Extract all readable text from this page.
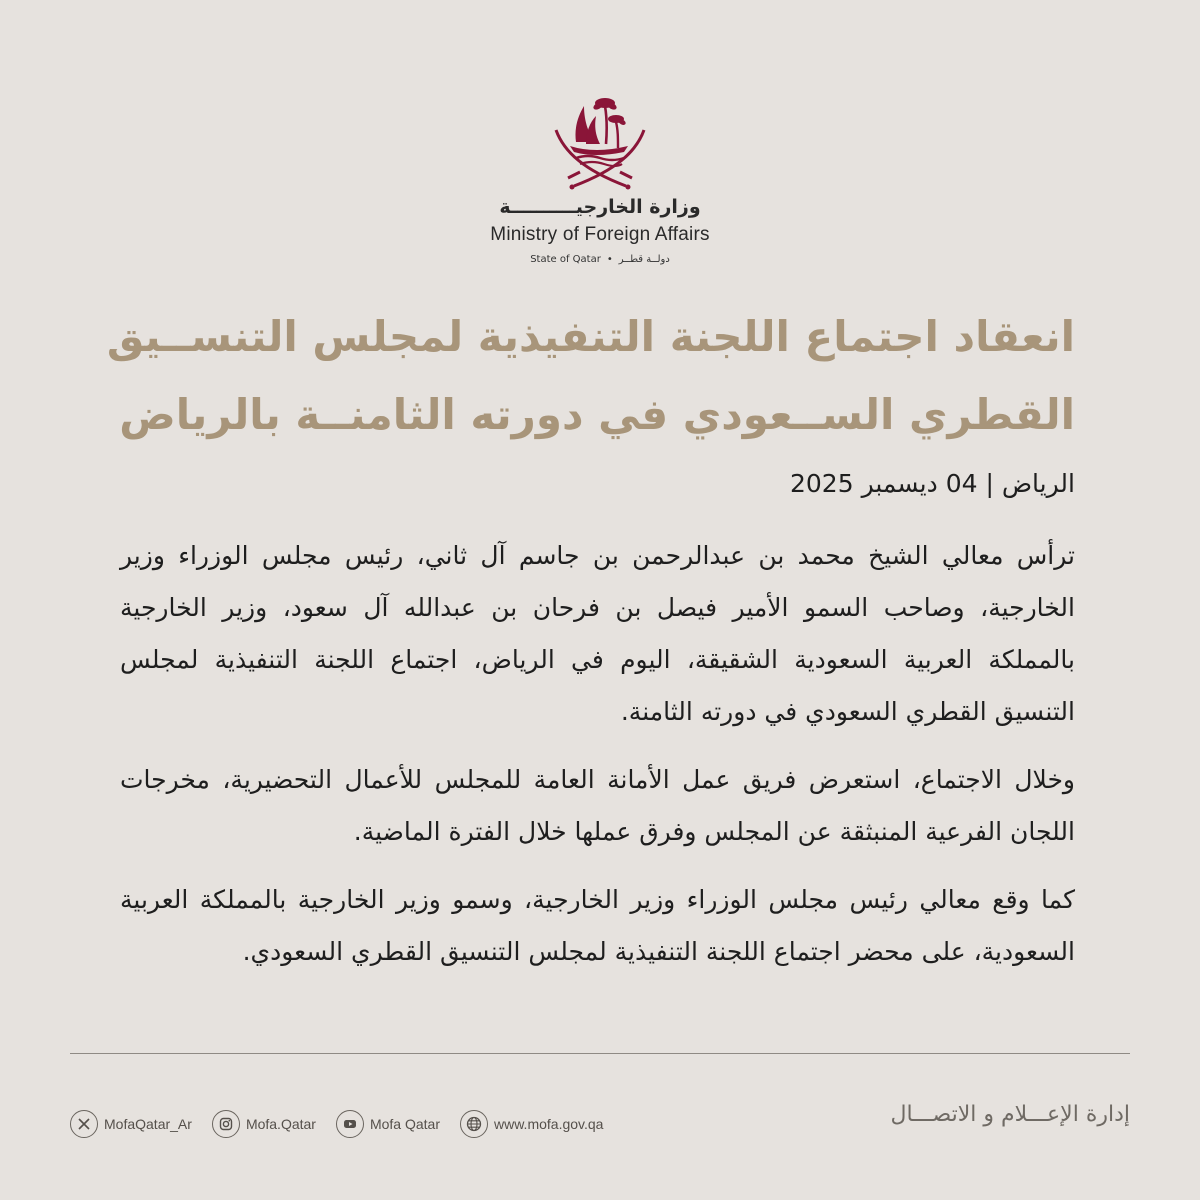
وزارة الخارجيــــــــــة
Ministry of Foreign Affairs
State of Qatar • دولــة قطــر
انعقاد اجتماع اللجنة التنفيذية لمجلس التنســيق
القطري الســعودي في دورته الثامنــة بالرياض
الرياض | 04 ديسمبر 2025

ترأس معالي الشيخ محمد بن عبدالرحمن بن جاسم آل ثاني، رئيس مجلس الوزراء وزير الخارجية، وصاحب السمو الأمير فيصل بن فرحان بن عبدالله آل سعود، وزير الخارجية بالمملكة العربية السعودية الشقيقة، اليوم في الرياض، اجتماع اللجنة التنفيذية لمجلس التنسيق القطري السعودي في دورته الثامنة.

وخلال الاجتماع، استعرض فريق عمل الأمانة العامة للمجلس للأعمال التحضيرية، مخرجات اللجان الفرعية المنبثقة عن المجلس وفرق عملها خلال الفترة الماضية.

كما وقع معالي رئيس مجلس الوزراء وزير الخارجية، وسمو وزير الخارجية بالمملكة العربية السعودية، على محضر اجتماع اللجنة التنفيذية لمجلس التنسيق القطري السعودي.

MofaQatar_Ar	Mofa.Qatar	Mofa Qatar	www.mofa.gov.qa	إدارة الإعـــلام و الاتصـــال
